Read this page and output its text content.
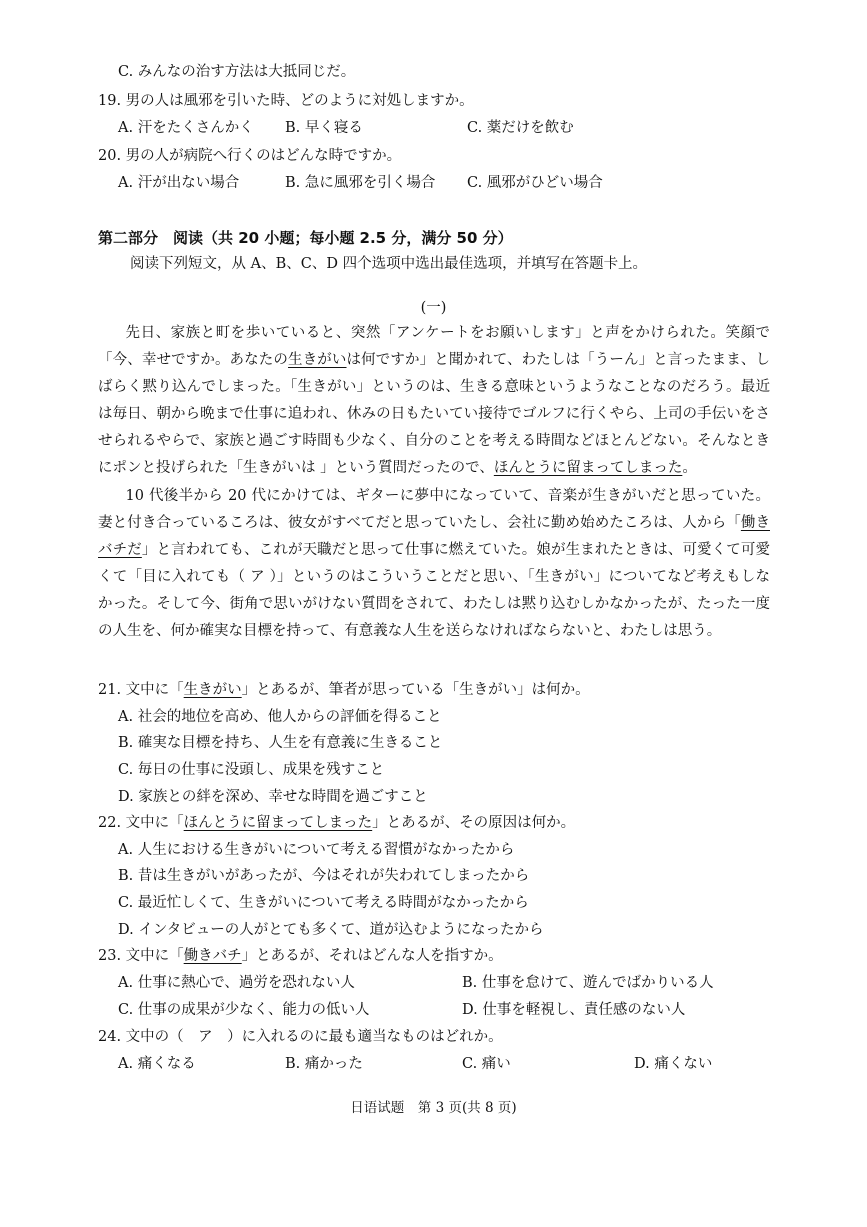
C. みんなの治す方法は大抵同じだ。
19. 男の人は風邪を引いた時、どのように対処しますか。
A. 汗をたくさんかく B. 早く寝る	C. 薬だけを飲む
20. 男の人が病院へ行くのはどんな時ですか。
A. 汗が出ない場合	B. 急に風邪を引く場合 C. 風邪がひどい場合
第二部分　阅读（共 20 小题；每小题 2.5 分，满分 50 分）
阅读下列短文，从 A、B、C、D 四个选项中选出最佳选项，并填写在答题卡上。
(一)
先日、家族と町を歩いていると、突然「アンケートをお願いします」と声をかけられた。笑顔で「今、幸せですか。あなたの生きがいは何ですか」と聞かれて、わたしは「うーん」と言ったまま、しばらく黙り込んでしまった。「生きがい」というのは、生きる意味というようなことなのだろう。最近は毎日、朝から晩まで仕事に追われ、休みの日もたいてい接待でゴルフに行くやら、上司の手伝いをさせられるやらで、家族と過ごす時間も少なく、自分のことを考える時間などほとんどない。そんなときにポンと投げられた「生きがいは 」という質問だったので、ほんとうに留まってしまった。
10 代後半から 20 代にかけては、ギターに夢中になっていて、音楽が生きがいだと思っていた。妻と付き合っているころは、彼女がすべてだと思っていたし、会社に勤め始めたころは、人から「働きバチだ」と言われても、これが天職だと思って仕事に燃えていた。娘が生まれたときは、可愛くて可愛くて「目に入れても（ ア ）」というのはこういうことだと思い、「生きがい」についてなど考えもしなかった。そして今、街角で思いがけない質問をされて、わたしは黙り込むしかなかったが、たった一度の人生を、何か確実な目標を持って、有意義な人生を送らなければならないと、わたしは思う。
21. 文中に「生きがい」とあるが、筆者が思っている「生きがい」は何か。
A. 社会的地位を高め、他人からの評価を得ること
B. 確実な目標を持ち、人生を有意義に生きること
C. 毎日の仕事に没頭し、成果を残すこと
D. 家族との絆を深め、幸せな時間を過ごすこと
22. 文中に「ほんとうに留まってしまった」とあるが、その原因は何か。
A. 人生における生きがいについて考える習慣がなかったから
B. 昔は生きがいがあったが、今はそれが失われてしまったから
C. 最近忙しくて、生きがいについて考える時間がなかったから
D. インタビューの人がとても多くて、道が込むようになったから
23. 文中に「働きバチ」とあるが、それはどんな人を指すか。
A. 仕事に熱心で、過労を恐れない人	B. 仕事を怠けて、遊んでばかりいる人
C. 仕事の成果が少なく、能力の低い人	D. 仕事を軽視し、責任感のない人
24. 文中の（　ア　）に入れるのに最も適当なものはどれか。
A. 痛くなる	B. 痛かった	C. 痛い	D. 痛くない
日语试题　第 3 页(共 8 页)
